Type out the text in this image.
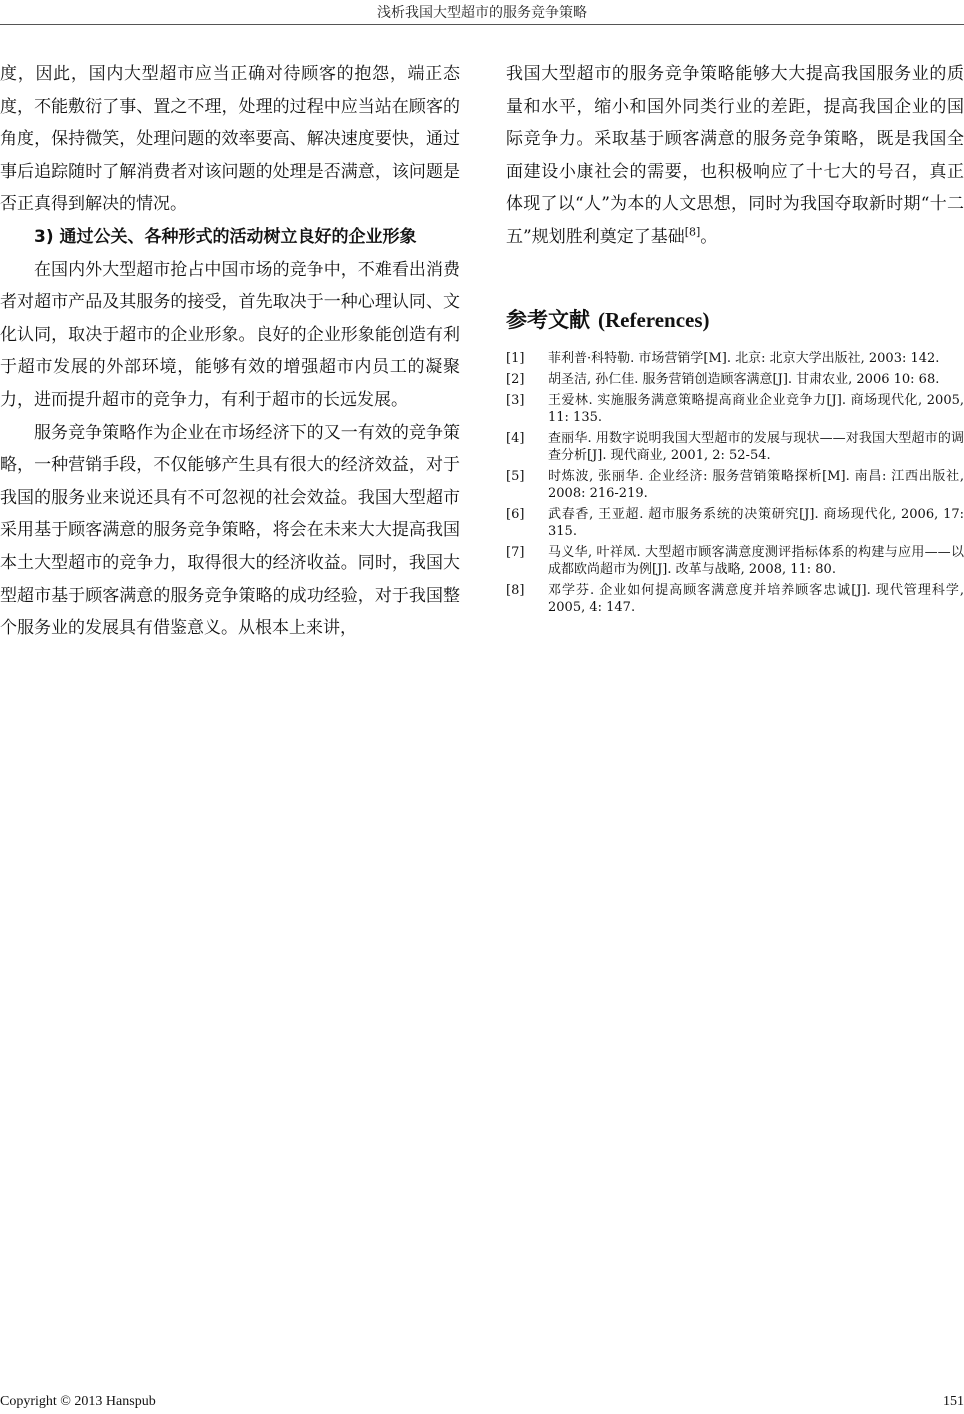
浅析我国大型超市的服务竞争策略

度，因此，国内大型超市应当正确对待顾客的抱怨，端正态度，不能敷衍了事、置之不理，处理的过程中应当站在顾客的角度，保持微笑，处理问题的效率要高、解决速度要快，通过事后追踪随时了解消费者对该问题的处理是否满意，该问题是否正真得到解决的情况。

3) 通过公关、各种形式的活动树立良好的企业形象

在国内外大型超市抢占中国市场的竞争中，不难看出消费者对超市产品及其服务的接受，首先取决于一种心理认同、文化认同，取决于超市的企业形象。良好的企业形象能创造有利于超市发展的外部环境，能够有效的增强超市内员工的凝聚力，进而提升超市的竞争力，有利于超市的长远发展。

服务竞争策略作为企业在市场经济下的又一有效的竞争策略，一种营销手段，不仅能够产生具有很大的经济效益，对于我国的服务业来说还具有不可忽视的社会效益。我国大型超市采用基于顾客满意的服务竞争策略，将会在未来大大提高我国本土大型超市的竞争力，取得很大的经济收益。同时，我国大型超市基于顾客满意的服务竞争策略的成功经验，对于我国整个服务业的发展具有借鉴意义。从根本上来讲，

我国大型超市的服务竞争策略能够大大提高我国服务业的质量和水平，缩小和国外同类行业的差距，提高我国企业的国际竞争力。采取基于顾客满意的服务竞争策略，既是我国全面建设小康社会的需要，也积极响应了十七大的号召，真正体现了以“人”为本的人文思想，同时为我国夺取新时期“十二五”规划胜利奠定了基础[8]。

参考文献 (References)
[1]	菲利普·科特勒. 市场营销学[M]. 北京: 北京大学出版社, 2003: 142.
[2]	胡圣洁, 孙仁佳. 服务营销创造顾客满意[J]. 甘肃农业, 2006 10: 68.
[3]	王爱林. 实施服务满意策略提高商业企业竞争力[J]. 商场现代化, 2005, 11: 135.
[4]	查丽华. 用数字说明我国大型超市的发展与现状——对我国大型超市的调查分析[J]. 现代商业, 2001, 2: 52-54.
[5]	时炼波, 张丽华. 企业经济: 服务营销策略探析[M]. 南昌: 江西出版社, 2008: 216-219.
[6]	武春香, 王亚超. 超市服务系统的决策研究[J]. 商场现代化, 2006, 17: 315.
[7]	马义华, 叶祥凤. 大型超市顾客满意度测评指标体系的构建与应用——以成都欧尚超市为例[J]. 改革与战略, 2008, 11: 80.
[8]	邓学芬. 企业如何提高顾客满意度并培养顾客忠诚[J]. 现代管理科学, 2005, 4: 147.
Copyright © 2013 Hanspub	151
